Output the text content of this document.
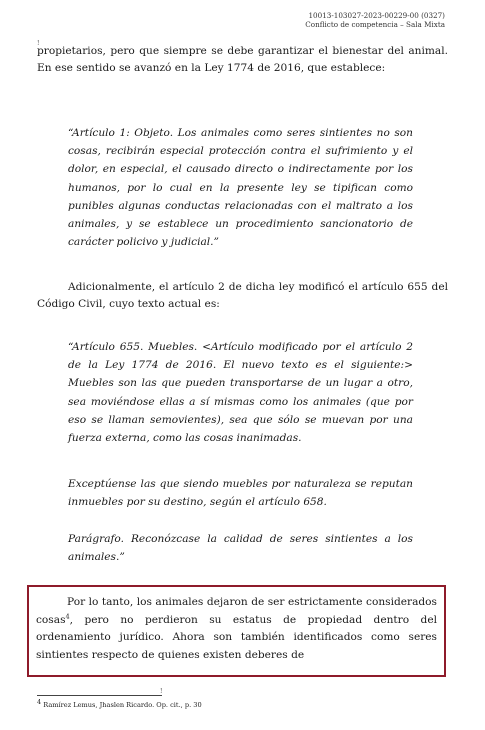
10013-103027-2023-00229-00 (0327)
Conflicto de competencia – Sala Mixta
!

propietarios, pero que siempre se debe garantizar el bienestar del animal. En ese sentido se avanzó en la Ley 1774 de 2016, que establece:

“Artículo 1: Objeto. Los animales como seres sintientes no son cosas, recibirán especial protección contra el sufrimiento y el dolor, en especial, el causado directo o indirectamente por los humanos, por lo cual en la presente ley se tipifican como punibles algunas conductas relacionadas con el maltrato a los animales, y se establece un procedimiento sancionatorio de carácter policivo y judicial.”

Adicionalmente, el artículo 2 de dicha ley modificó el artículo 655 del Código Civil, cuyo texto actual es:

“Artículo 655. Muebles. <Artículo modificado por el artículo 2 de la Ley 1774 de 2016. El nuevo texto es el siguiente:> Muebles son las que pueden transportarse de un lugar a otro, sea moviéndose ellas a sí mismas como los animales (que por eso se llaman semovientes), sea que sólo se muevan por una fuerza externa, como las cosas inanimadas.

Exceptúense las que siendo muebles por naturaleza se reputan inmuebles por su destino, según el artículo 658.

Parágrafo. Reconózcase la calidad de seres sintientes a los animales.”

Por lo tanto, los animales dejaron de ser estrictamente considerados cosas$^4$, pero no perdieron su estatus de propiedad dentro del ordenamiento jurídico. Ahora son también identificados como seres sintientes respecto de quienes existen deberes de

!
$^4$ Ramírez Lemus, Jhaslen Ricardo. Op. cit., p. 30
